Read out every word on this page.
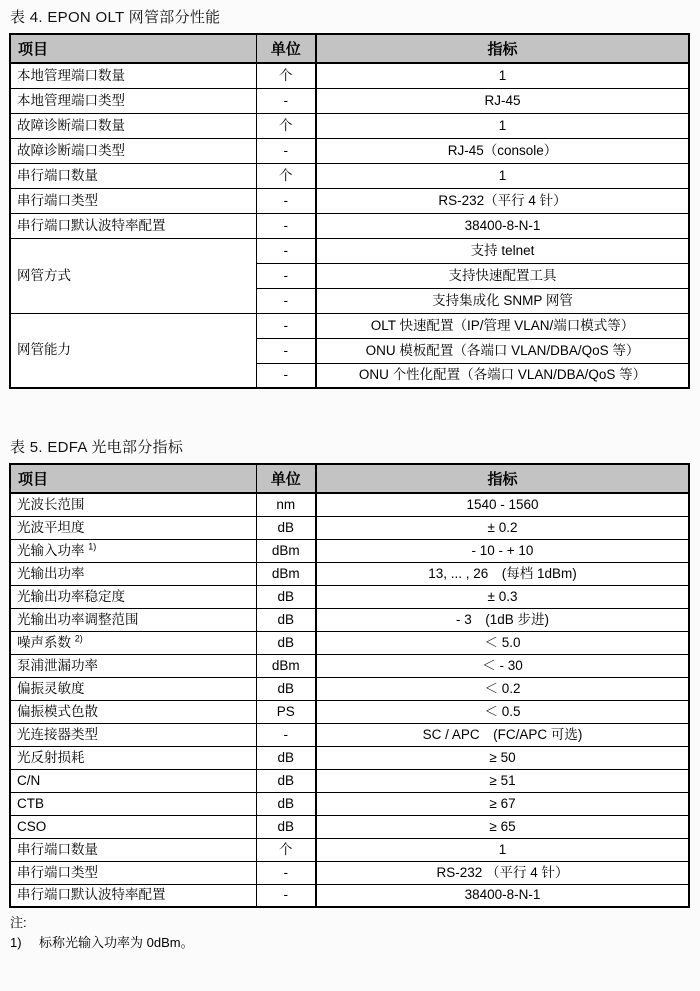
表 4. EPON OLT 网管部分性能
项目	单位	指标
本地管理端口数量	个	1
本地管理端口类型	-	RJ-45
故障诊断端口数量	个	1
故障诊断端口类型	-	RJ-45（console）
串行端口数量	个	1
串行端口类型	-	RS-232（平行 4 针）
串行端口默认波特率配置	-	38400-8-N-1
网管方式	-	支持 telnet
	-	支持快速配置工具
	-	支持集成化 SNMP 网管
网管能力	-	OLT 快速配置（IP/管理 VLAN/端口模式等）
	-	ONU 模板配置（各端口 VLAN/DBA/QoS 等）
	-	ONU 个性化配置（各端口 VLAN/DBA/QoS 等）
表 5. EDFA 光电部分指标
项目	单位	指标
光波长范围	nm	1540 - 1560
光波平坦度	dB	± 0.2
光输入功率 $^{1)}$	dBm	- 10 - + 10
光输出功率	dBm	13, ... , 26　(每档 1dBm)
光输出功率稳定度	dB	± 0.3
光输出功率调整范围	dB	- 3　(1dB 步进)
噪声系数 $^{2)}$	dB	＜ 5.0
泵浦泄漏功率	dBm	＜ - 30
偏振灵敏度	dB	＜ 0.2
偏振模式色散	PS	＜ 0.5
光连接器类型	-	SC / APC　(FC/APC 可选)
光反射损耗	dB	≥ 50
C/N	dB	≥ 51
CTB	dB	≥ 67
CSO	dB	≥ 65
串行端口数量	个	1
串行端口类型	-	RS-232 （平行 4 针）
串行端口默认波特率配置	-	38400-8-N-1
注:
1)	标称光输入功率为 0dBm。
